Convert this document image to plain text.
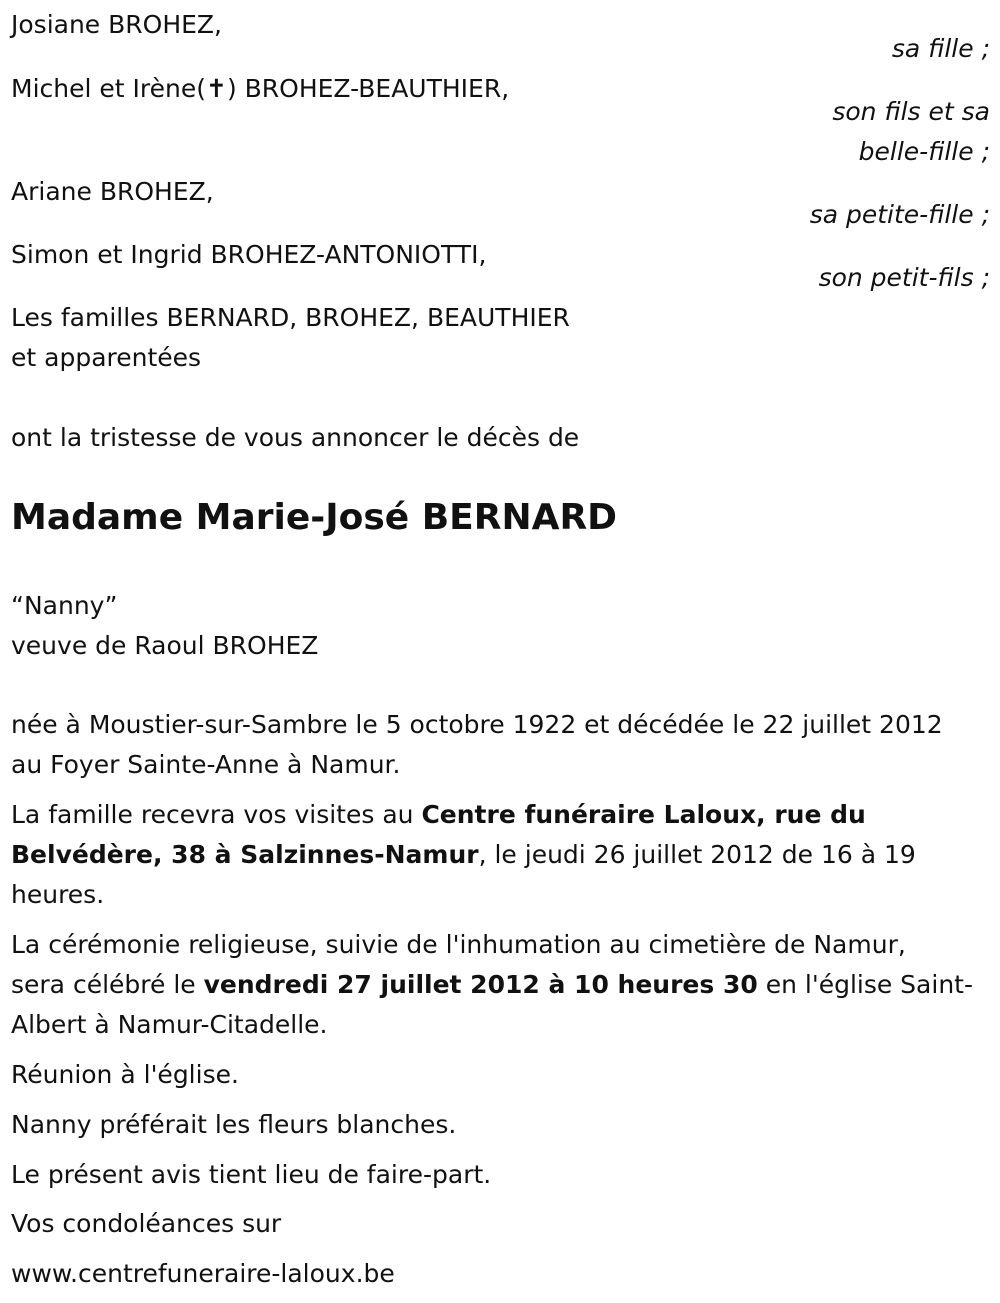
Josiane BROHEZ,
sa fille ;
Michel et Irène(✝) BROHEZ-BEAUTHIER,
son fils et sa
belle-fille ;
Ariane BROHEZ,
sa petite-fille ;
Simon et Ingrid BROHEZ-ANTONIOTTI,
son petit-fils ;
Les familles BERNARD, BROHEZ, BEAUTHIER
et apparentées
ont la tristesse de vous annoncer le décès de
Madame Marie-José BERNARD
“Nanny”
veuve de Raoul BROHEZ
née à Moustier-sur-Sambre le 5 octobre 1922 et décédée le 22 juillet 2012
au Foyer Sainte-Anne à Namur.
La famille recevra vos visites au Centre funéraire Laloux, rue du
Belvédère, 38 à Salzinnes-Namur, le jeudi 26 juillet 2012 de 16 à 19
heures.
La cérémonie religieuse, suivie de l'inhumation au cimetière de Namur,
sera célébré le vendredi 27 juillet 2012 à 10 heures 30 en l'église Saint-
Albert à Namur-Citadelle.
Réunion à l'église.
Nanny préférait les fleurs blanches.
Le présent avis tient lieu de faire-part.
Vos condoléances sur
www.centrefuneraire-laloux.be
